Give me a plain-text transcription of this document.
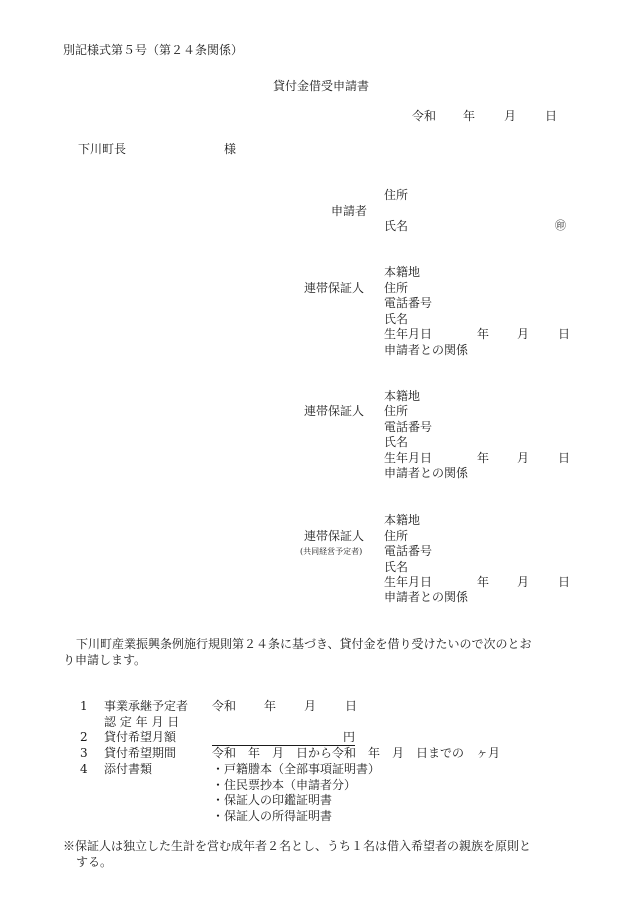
別記様式第５号（第２４条関係）
貸付金借受申請書
令和 年 月 日
下川町長	様
住所
申請者
氏名	㊞
本籍地
連帯保証人 住所
電話番号
氏名
生年月日	年 月 日
申請者との関係
本籍地
連帯保証人 住所
電話番号
氏名
生年月日	年 月 日
申請者との関係
本籍地
連帯保証人 住所
(共同経営予定者) 電話番号
氏名
生年月日	年 月 日
申請者との関係
下川町産業振興条例施行規則第２４条に基づき、貸付金を借り受けたいので次のとお
り申請します。
1 事業承継予定者 令和 年 月 日
認 定 年 月 日
2 貸付希望月額	円
3 貸付希望期間	令和　年　月　日から令和　年　月　日までの　ヶ月
4 添付書類	・戸籍謄本（全部事項証明書）
・住民票抄本（申請者分）
・保証人の印鑑証明書
・保証人の所得証明書
※保証人は独立した生計を営む成年者２名とし、うち１名は借入希望者の親族を原則と
する。
